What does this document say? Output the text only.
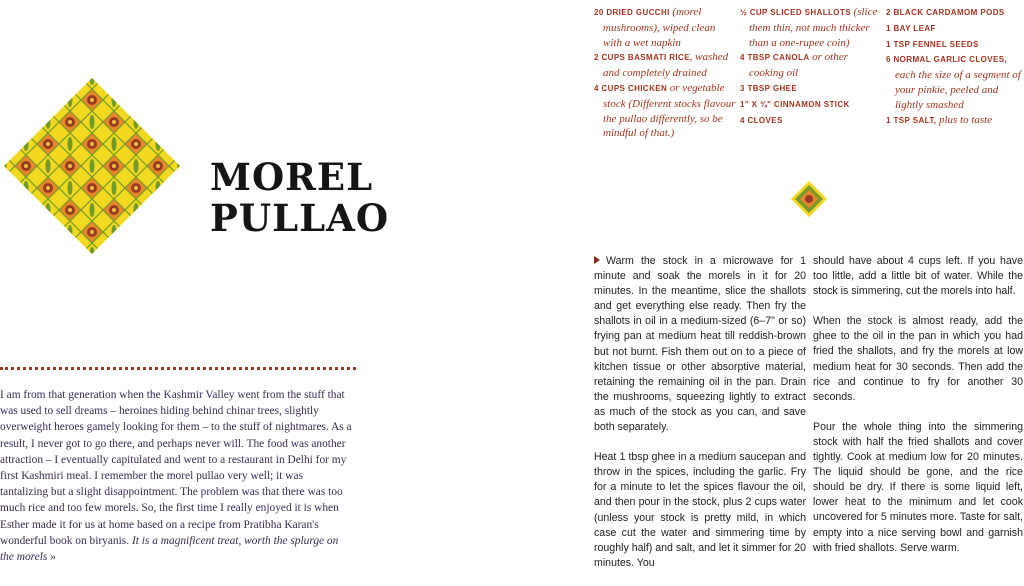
MOREL
PULLAO
I am from that generation when the Kashmir Valley went from the stuff that was used to sell dreams – heroines hiding behind chinar trees, slightly overweight heroes gamely looking for them – to the stuff of nightmares. As a result, I never got to go there, and perhaps never will. The food was another attraction – I eventually capitulated and went to a restaurant in Delhi for my first Kashmiri meal. I remember the morel pullao very well; it was tantalizing but a slight disappointment. The problem was that there was too much rice and too few morels. So, the first time I really enjoyed it is when Esther made it for us at home based on a recipe from Pratibha Karan's wonderful book on biryanis. It is a magnificent treat, worth the splurge on the morels »
20 DRIED GUCCHI (morel mushrooms), wiped clean with a wet napkin
2 CUPS BASMATI RICE, washed and completely drained
4 CUPS CHICKEN or vegetable stock (Different stocks flavour the pullao differently, so be mindful of that.)
½ CUP SLICED SHALLOTS (slice them thin, not much thicker than a one-rupee coin)
4 TBSP CANOLA or other cooking oil
3 TBSP GHEE
1" X ¾" CINNAMON STICK
4 CLOVES
2 BLACK CARDAMOM PODS
1 BAY LEAF
1 TSP FENNEL SEEDS
6 NORMAL GARLIC CLOVES, each the size of a segment of your pinkie, peeled and lightly smashed
1 TSP SALT, plus to taste

Warm the stock in a microwave for 1 minute and soak the morels in it for 20 minutes. In the meantime, slice the shallots and get everything else ready. Then fry the shallots in oil in a medium-sized (6–7" or so) frying pan at medium heat till reddish-brown but not burnt. Fish them out on to a piece of kitchen tissue or other absorptive material, retaining the remaining oil in the pan. Drain the mushrooms, squeezing lightly to extract as much of the stock as you can, and save both separately.

Heat 1 tbsp ghee in a medium saucepan and throw in the spices, including the garlic. Fry for a minute to let the spices flavour the oil, and then pour in the stock, plus 2 cups water (unless your stock is pretty mild, in which case cut the water and simmering time by roughly half) and salt, and let it simmer for 20 minutes. You

should have about 4 cups left. If you have too little, add a little bit of water. While the stock is simmering, cut the morels into half.

When the stock is almost ready, add the ghee to the oil in the pan in which you had fried the shallots, and fry the morels at low medium heat for 30 seconds. Then add the rice and continue to fry for another 30 seconds.

Pour the whole thing into the simmering stock with half the fried shallots and cover tightly. Cook at medium low for 20 minutes. The liquid should be gone, and the rice should be dry. If there is some liquid left, lower heat to the minimum and let cook uncovered for 5 minutes more. Taste for salt, empty into a nice serving bowl and garnish with fried shallots. Serve warm.
